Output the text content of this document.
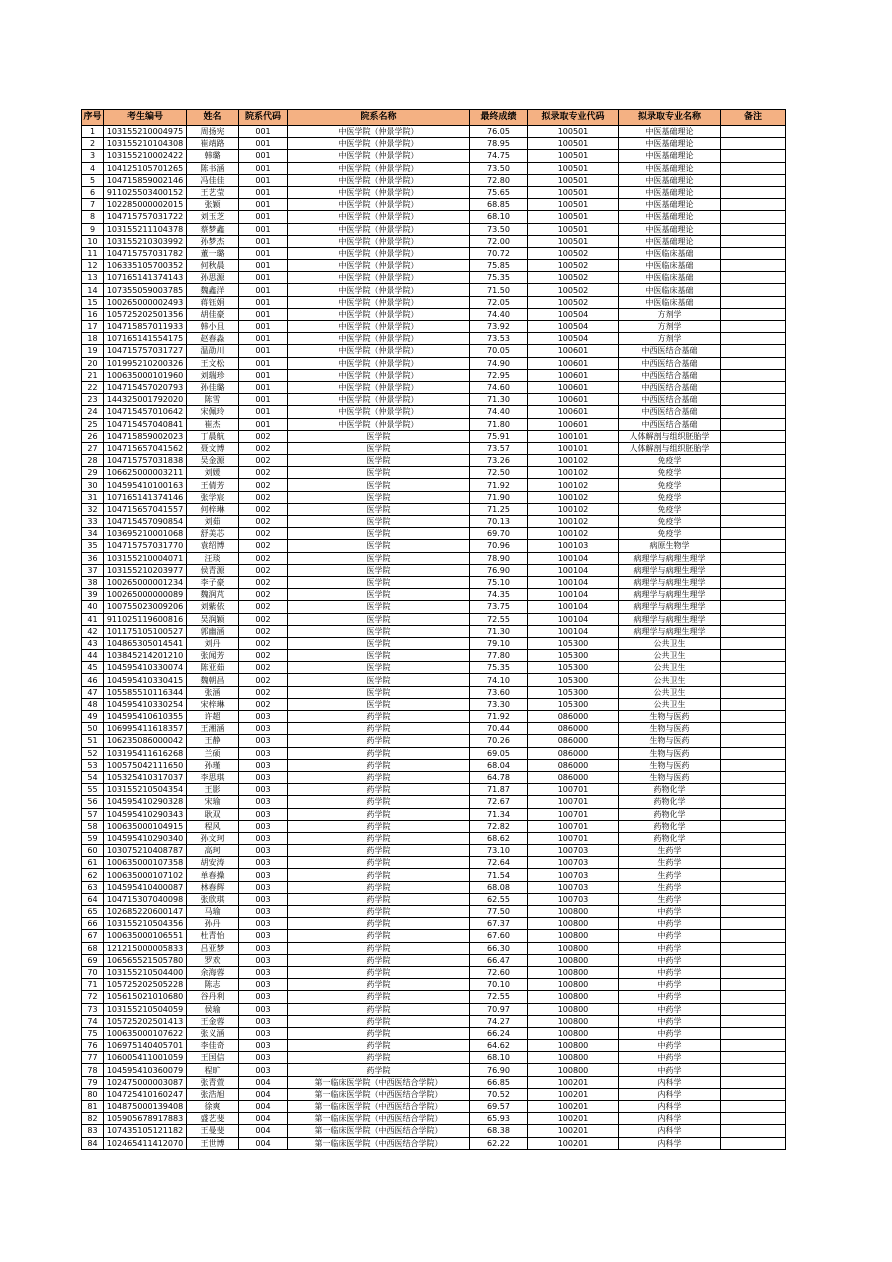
序号	考生编号	姓名	院系代码	院系名称	最终成绩	拟录取专业代码	拟录取专业名称	备注
1	103155210004975	周扬宪	001	中医学院（仲景学院）	76.05	100501	中医基础理论	
2	103155210104308	崔靖路	001	中医学院（仲景学院）	78.95	100501	中医基础理论	
3	103155210002422	韩璐	001	中医学院（仲景学院）	74.75	100501	中医基础理论	
4	104125105701265	陈书涵	001	中医学院（仲景学院）	73.50	100501	中医基础理论	
5	104715859002146	冯佳佳	001	中医学院（仲景学院）	72.80	100501	中医基础理论	
6	911025503400152	王艺莹	001	中医学院（仲景学院）	75.65	100501	中医基础理论	
7	102285000002015	张颖	001	中医学院（仲景学院）	68.85	100501	中医基础理论	
8	104715757031722	刘玉芝	001	中医学院（仲景学院）	68.10	100501	中医基础理论	
9	103155211104378	蔡梦鑫	001	中医学院（仲景学院）	73.50	100501	中医基础理论	
10	103155210303992	孙梦杰	001	中医学院（仲景学院）	72.00	100501	中医基础理论	
11	104715757031782	董一璐	001	中医学院（仲景学院）	70.72	100502	中医临床基础	
12	106335105700352	何秋晨	001	中医学院（仲景学院）	75.85	100502	中医临床基础	
13	107165141374143	孙思源	001	中医学院（仲景学院）	75.35	100502	中医临床基础	
14	107355059003785	魏鑫洋	001	中医学院（仲景学院）	71.50	100502	中医临床基础	
15	100265000002493	蒋钰娟	001	中医学院（仲景学院）	72.05	100502	中医临床基础	
16	105725202501356	胡佳豪	001	中医学院（仲景学院）	74.40	100504	方剂学	
17	104715857011933	韩小且	001	中医学院（仲景学院）	73.92	100504	方剂学	
18	107165141554175	赵春淼	001	中医学院（仲景学院）	73.53	100504	方剂学	
19	104715757031727	温劭川	001	中医学院（仲景学院）	70.05	100601	中西医结合基础	
20	101995210200326	王文松	001	中医学院（仲景学院）	74.90	100601	中西医结合基础	
21	100635000101960	刘瑞珍	001	中医学院（仲景学院）	72.95	100601	中西医结合基础	
22	104715457020793	孙佳璐	001	中医学院（仲景学院）	74.60	100601	中西医结合基础	
23	144325001792020	陈雪	001	中医学院（仲景学院）	71.30	100601	中西医结合基础	
24	104715457010642	宋佩玲	001	中医学院（仲景学院）	74.40	100601	中西医结合基础	
25	104715457040841	崔杰	001	中医学院（仲景学院）	71.80	100601	中西医结合基础	
26	104715859002023	丁晨航	002	医学院	75.91	100101	人体解剖与组织胚胎学	
27	104715657041562	聂文博	002	医学院	73.57	100101	人体解剖与组织胚胎学	
28	104715757031838	吴金源	002	医学院	73.26	100102	免疫学	
29	106625000003211	刘媛	002	医学院	72.50	100102	免疫学	
30	104595410100163	王倩芳	002	医学院	71.92	100102	免疫学	
31	107165141374146	张学宸	002	医学院	71.90	100102	免疫学	
32	104715657041557	何梓琳	002	医学院	71.25	100102	免疫学	
33	104715457090854	刘茹	002	医学院	70.13	100102	免疫学	
34	103695210001068	舒美芯	002	医学院	69.70	100102	免疫学	
35	104715757031770	袁绍博	002	医学院	70.96	100103	病原生物学	
36	103155210004071	汪琰	002	医学院	78.90	100104	病理学与病理生理学	
37	103155210203977	侯青源	002	医学院	76.90	100104	病理学与病理生理学	
38	100265000001234	李子豪	002	医学院	75.10	100104	病理学与病理生理学	
39	100265000000089	魏润芃	002	医学院	74.35	100104	病理学与病理生理学	
40	100755023009206	刘紫依	002	医学院	73.75	100104	病理学与病理生理学	
41	911025119600816	吴润颖	002	医学院	72.55	100104	病理学与病理生理学	
42	101175105100527	郭幽涵	002	医学院	71.30	100104	病理学与病理生理学	
43	104865305014541	刘丹	002	医学院	79.10	105300	公共卫生	
44	103845214201210	张闻芳	002	医学院	77.80	105300	公共卫生	
45	104595410330074	陈亚茹	002	医学院	75.35	105300	公共卫生	
46	104595410330415	魏朝昌	002	医学院	74.10	105300	公共卫生	
47	105585510116344	张涵	002	医学院	73.60	105300	公共卫生	
48	104595410330254	宋梓琳	002	医学院	73.30	105300	公共卫生	
49	104595410610355	许超	003	药学院	71.92	086000	生物与医药	
50	106995411618357	王湘涵	003	药学院	70.44	086000	生物与医药	
51	106235086000042	王静	003	药学院	70.26	086000	生物与医药	
52	103195411616268	兰硕	003	药学院	69.05	086000	生物与医药	
53	100575042111650	孙瑾	003	药学院	68.04	086000	生物与医药	
54	105325410317037	李思琪	003	药学院	64.78	086000	生物与医药	
55	103155210504354	王影	003	药学院	71.87	100701	药物化学	
56	104595410290328	宋瑜	003	药学院	72.67	100701	药物化学	
57	104595410290343	耿双	003	药学院	71.34	100701	药物化学	
58	100635000104915	程风	003	药学院	72.82	100701	药物化学	
59	104595410290340	孙文珂	003	药学院	68.62	100701	药物化学	
60	103075210408787	高珂	003	药学院	73.10	100703	生药学	
61	100635000107358	胡安涛	003	药学院	72.64	100703	生药学	
62	100635000107102	单春操	003	药学院	71.54	100703	生药学	
63	104595410400087	林春辉	003	药学院	68.08	100703	生药学	
64	104715307040098	张欣琪	003	药学院	62.55	100703	生药学	
65	102685220600147	马瑜	003	药学院	77.50	100800	中药学	
66	103155210504356	孙丹	003	药学院	67.37	100800	中药学	
67	100635000106551	杜青怡	003	药学院	67.60	100800	中药学	
68	121215000005833	吕亚梦	003	药学院	66.30	100800	中药学	
69	106565521505780	罗欢	003	药学院	66.47	100800	中药学	
70	103155210504400	余海蓉	003	药学院	72.60	100800	中药学	
71	105725202505228	陈志	003	药学院	70.10	100800	中药学	
72	105615021010680	谷丹利	003	药学院	72.55	100800	中药学	
73	103155210504059	侯瑜	003	药学院	70.97	100800	中药学	
74	105725202501413	王金蓉	003	药学院	74.27	100800	中药学	
75	100635000107622	张义涵	003	药学院	66.24	100800	中药学	
76	106975140405701	李佳奇	003	药学院	64.62	100800	中药学	
77	106005411001059	王国信	003	药学院	68.10	100800	中药学	
78	104595410360079	程旷	003	药学院	76.90	100800	中药学	
79	102475000003087	张青萱	004	第一临床医学院（中西医结合学院）	66.85	100201	内科学	
80	104725410160247	张浩旭	004	第一临床医学院（中西医结合学院）	70.52	100201	内科学	
81	104875000139408	徐爽	004	第一临床医学院（中西医结合学院）	69.57	100201	内科学	
82	105905678917883	盛艺斐	004	第一临床医学院（中西医结合学院）	65.93	100201	内科学	
83	107435105121182	王曼斐	004	第一临床医学院（中西医结合学院）	68.38	100201	内科学	
84	102465411412070	王世博	004	第一临床医学院（中西医结合学院）	62.22	100201	内科学	
